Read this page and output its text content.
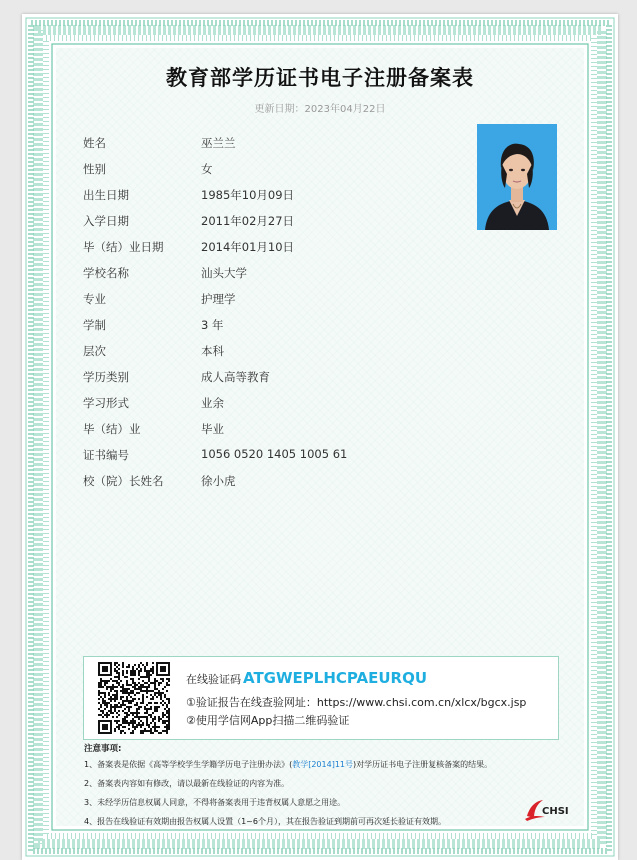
教育部学历证书电子注册备案表
更新日期：2023年04月22日
姓名	巫兰兰
性别	女
出生日期	1985年10月09日
入学日期	2011年02月27日
毕（结）业日期	2014年01月10日
学校名称	汕头大学
专业	护理学
学制	3 年
层次	本科
学历类别	成人高等教育
学习形式	业余
毕（结）业	毕业
证书编号	1056 0520 1405 1005 61
校（院）长姓名	徐小虎
在线验证码 ATGWEPLHCPAEURQU
①验证报告在线查验网址：https://www.chsi.com.cn/xlcx/bgcx.jsp
②使用学信网App扫描二维码验证
注意事项:
1、备案表是依据《高等学校学生学籍学历电子注册办法》(教学[2014]11号)对学历证书电子注册复核备案的结果。
2、备案表内容如有修改，请以最新在线验证的内容为准。
3、未经学历信息权属人同意，不得将备案表用于违背权属人意愿之用途。
4、报告在线验证有效期由报告权属人设置（1~6个月），其在报告验证到期前可再次延长验证有效期。
CHSI
